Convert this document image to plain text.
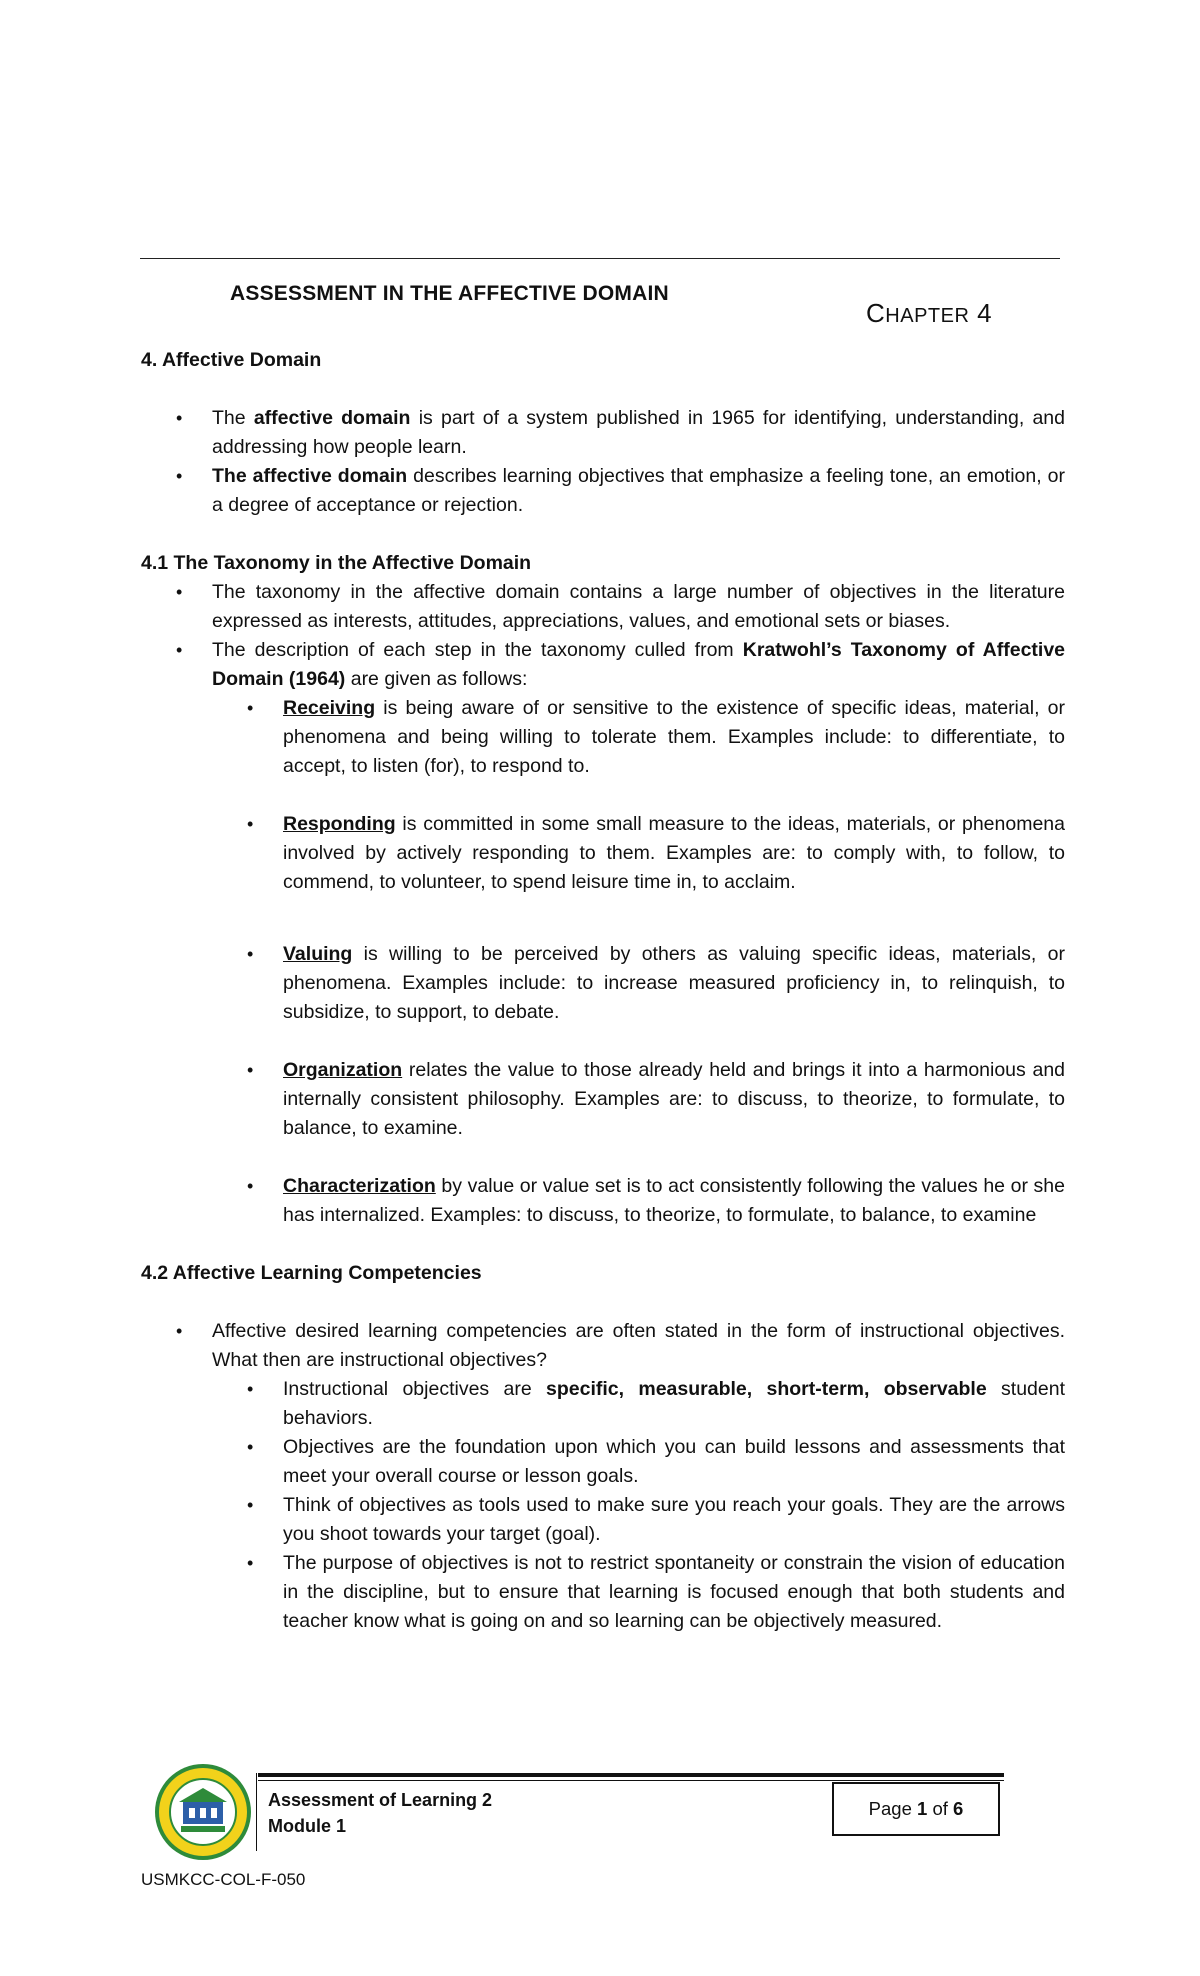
ASSESSMENT IN THE AFFECTIVE DOMAIN
CHAPTER 4

4. Affective Domain

• The affective domain is part of a system published in 1965 for identifying, understanding, and addressing how people learn.
• The affective domain describes learning objectives that emphasize a feeling tone, an emotion, or a degree of acceptance or rejection.

4.1 The Taxonomy in the Affective Domain

• The taxonomy in the affective domain contains a large number of objectives in the literature expressed as interests, attitudes, appreciations, values, and emotional sets or biases.
• The description of each step in the taxonomy culled from Kratwohl’s Taxonomy of Affective Domain (1964) are given as follows:
• Receiving is being aware of or sensitive to the existence of specific ideas, material, or phenomena and being willing to tolerate them. Examples include: to differentiate, to accept, to listen (for), to respond to.
• Responding is committed in some small measure to the ideas, materials, or phenomena involved by actively responding to them. Examples are: to comply with, to follow, to commend, to volunteer, to spend leisure time in, to acclaim.
• Valuing is willing to be perceived by others as valuing specific ideas, materials, or phenomena. Examples include: to increase measured proficiency in, to relinquish, to subsidize, to support, to debate.
• Organization relates the value to those already held and brings it into a harmonious and internally consistent philosophy. Examples are: to discuss, to theorize, to formulate, to balance, to examine.
• Characterization by value or value set is to act consistently following the values he or she has internalized. Examples: to discuss, to theorize, to formulate, to balance, to examine

4.2 Affective Learning Competencies

• Affective desired learning competencies are often stated in the form of instructional objectives. What then are instructional objectives?
• Instructional objectives are specific, measurable, short-term, observable student behaviors.
• Objectives are the foundation upon which you can build lessons and assessments that meet your overall course or lesson goals.
• Think of objectives as tools used to make sure you reach your goals. They are the arrows you shoot towards your target (goal).
• The purpose of objectives is not to restrict spontaneity or constrain the vision of education in the discipline, but to ensure that learning is focused enough that both students and teacher know what is going on and so learning can be objectively measured.
Assessment of Learning 2
Module 1
Page
1
of
6
USMKCC-COL-F-050
